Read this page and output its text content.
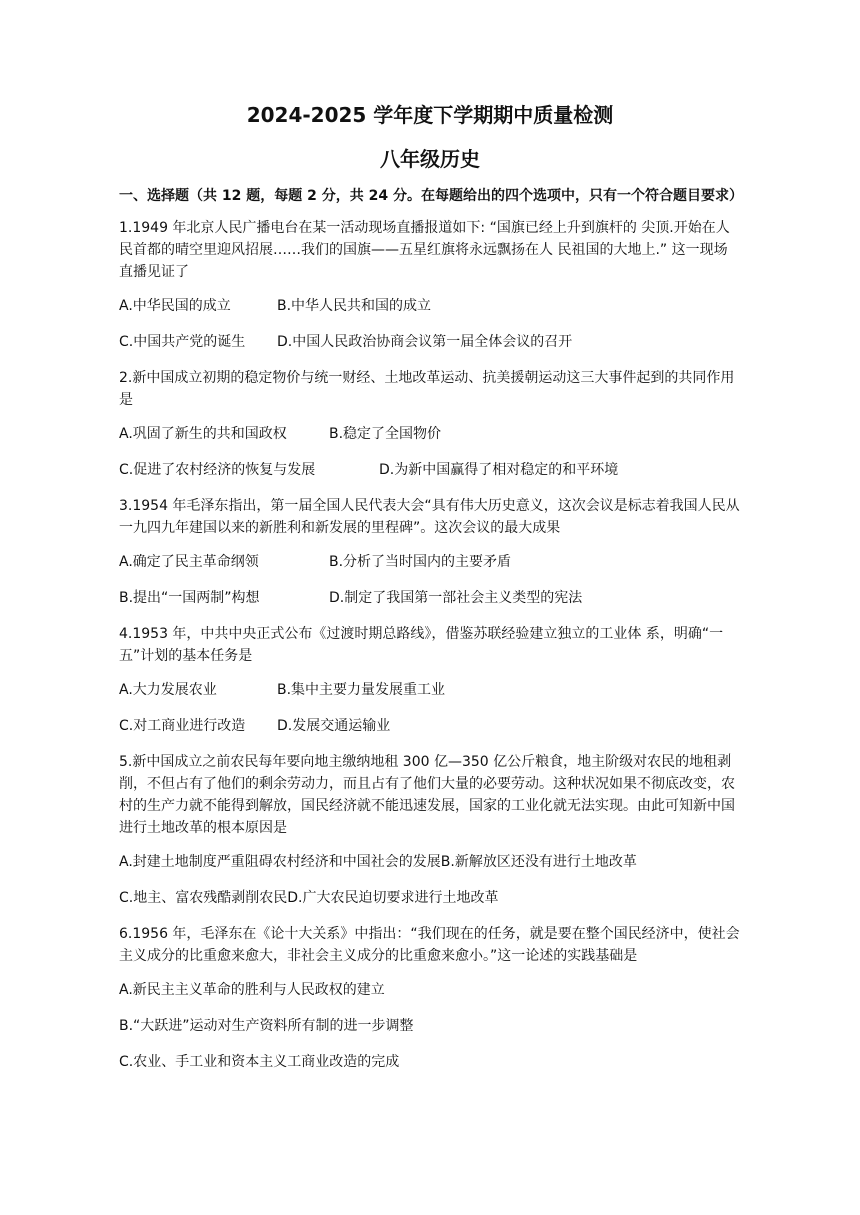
2024-2025 学年度下学期期中质量检测
八年级历史
一、选择题（共 12 题，每题 2 分，共 24 分。在每题给出的四个选项中，只有一个符合题目要求）
1.1949 年北京人民广播电台在某一活动现场直播报道如下: “国旗已经上升到旗杆的 尖顶.开始在人民首都的晴空里迎风招展……我们的国旗——五星红旗将永远飘扬在人 民祖国的大地上.” 这一现场直播见证了
A.中华民国的成立	B.中华人民共和国的成立
C.中国共产党的诞生 D.中国人民政治协商会议第一届全体会议的召开
2.新中国成立初期的稳定物价与统一财经、土地改革运动、抗美援朝运动这三大事件起到的共同作用是
A.巩固了新生的共和国政权	B.稳定了全国物价
C.促进了农村经济的恢复与发展	D.为新中国赢得了相对稳定的和平环境
3.1954 年毛泽东指出，第一届全国人民代表大会“具有伟大历史意义，这次会议是标志着我国人民从一九四九年建国以来的新胜利和新发展的里程碑”。这次会议的最大成果
A.确定了民主革命纲领	B.分析了当时国内的主要矛盾
B.提出“一国两制”构想	D.制定了我国第一部社会主义类型的宪法
4.1953 年，中共中央正式公布《过渡时期总路线》，借鉴苏联经验建立独立的工业体 系，明确“一五”计划的基本任务是
A.大力发展农业	B.集中主要力量发展重工业
C.对工商业进行改造 D.发展交通运输业
5.新中国成立之前农民每年要向地主缴纳地租 300 亿—350 亿公斤粮食，地主阶级对农民的地租剥削，不但占有了他们的剩余劳动力，而且占有了他们大量的必要劳动。这种状况如果不彻底改变，农村的生产力就不能得到解放，国民经济就不能迅速发展，国家的工业化就无法实现。由此可知新中国进行土地改革的根本原因是
A.封建土地制度严重阻碍农村经济和中国社会的发展B.新解放区还没有进行土地改革
C.地主、富农残酷剥削农民D.广大农民迫切要求进行土地改革
6.1956 年，毛泽东在《论十大关系》中指出：“我们现在的任务，就是要在整个国民经济中，使社会主义成分的比重愈来愈大，非社会主义成分的比重愈来愈小。”这一论述的实践基础是
A.新民主主义革命的胜利与人民政权的建立
B.“大跃进”运动对生产资料所有制的进一步调整
C.农业、手工业和资本主义工商业改造的完成
